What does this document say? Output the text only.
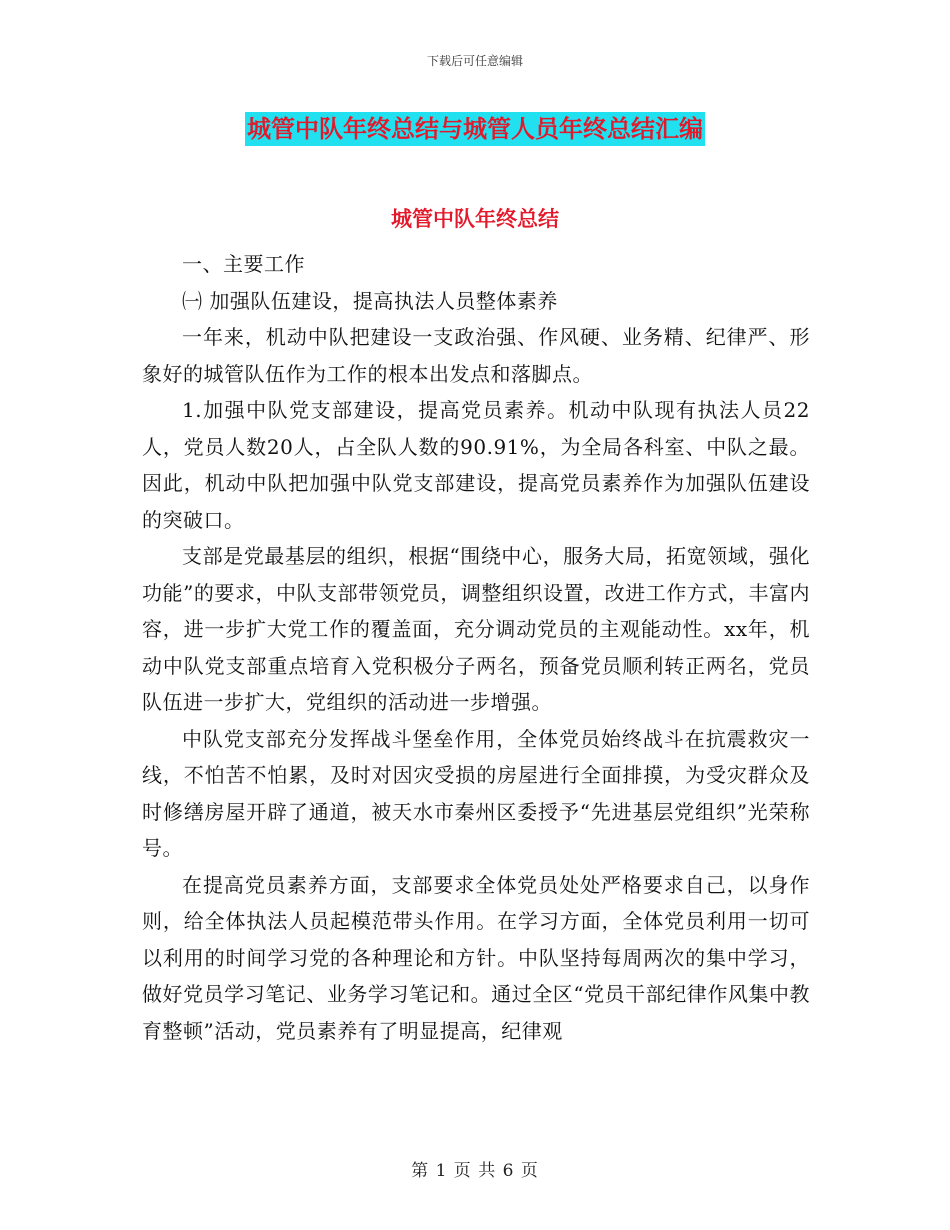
下载后可任意编辑
城管中队年终总结与城管人员年终总结汇编
城管中队年终总结

一、主要工作

㈠ 加强队伍建设，提高执法人员整体素养

一年来，机动中队把建设一支政治强、作风硬、业务精、纪律严、形象好的城管队伍作为工作的根本出发点和落脚点。

1.加强中队党支部建设，提高党员素养。机动中队现有执法人员22人，党员人数20人，占全队人数的90.91%，为全局各科室、中队之最。因此，机动中队把加强中队党支部建设，提高党员素养作为加强队伍建设的突破口。

支部是党最基层的组织，根据“围绕中心，服务大局，拓宽领域，强化功能”的要求，中队支部带领党员，调整组织设置，改进工作方式，丰富内容，进一步扩大党工作的覆盖面，充分调动党员的主观能动性。xx年，机动中队党支部重点培育入党积极分子两名，预备党员顺利转正两名，党员队伍进一步扩大，党组织的活动进一步增强。

中队党支部充分发挥战斗堡垒作用，全体党员始终战斗在抗震救灾一线，不怕苦不怕累，及时对因灾受损的房屋进行全面排摸，为受灾群众及时修缮房屋开辟了通道，被天水市秦州区委授予“先进基层党组织”光荣称号。

在提高党员素养方面，支部要求全体党员处处严格要求自己，以身作则，给全体执法人员起模范带头作用。在学习方面，全体党员利用一切可以利用的时间学习党的各种理论和方针。中队坚持每周两次的集中学习，做好党员学习笔记、业务学习笔记和。通过全区“党员干部纪律作风集中教育整顿”活动，党员素养有了明显提高，纪律观

第 1 页 共 6 页
